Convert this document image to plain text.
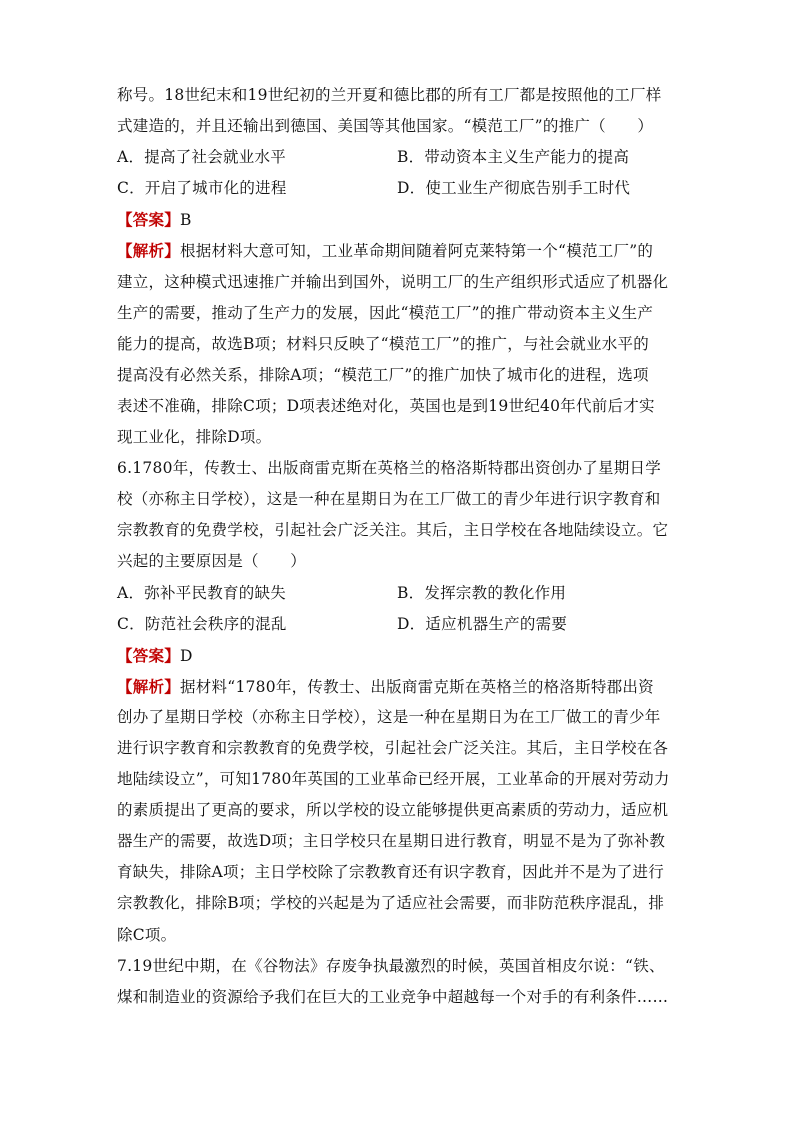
称号。18世纪末和19世纪初的兰开夏和德比郡的所有工厂都是按照他的工厂样
式建造的，并且还输出到德国、美国等其他国家。“模范工厂”的推广（　　）
A．提高了社会就业水平	B．带动资本主义生产能力的提高
C．开启了城市化的进程	D．使工业生产彻底告别手工时代
【答案】B
【解析】根据材料大意可知，工业革命期间随着阿克莱特第一个“模范工厂”的
建立，这种模式迅速推广并输出到国外，说明工厂的生产组织形式适应了机器化
生产的需要，推动了生产力的发展，因此“模范工厂”的推广带动资本主义生产
能力的提高，故选B项；材料只反映了“模范工厂”的推广，与社会就业水平的
提高没有必然关系，排除A项；“模范工厂”的推广加快了城市化的进程，选项
表述不准确，排除C项；D项表述绝对化，英国也是到19世纪40年代前后才实
现工业化，排除D项。
6.1780年，传教士、出版商雷克斯在英格兰的格洛斯特郡出资创办了星期日学
校（亦称主日学校），这是一种在星期日为在工厂做工的青少年进行识字教育和
宗教教育的免费学校，引起社会广泛关注。其后，主日学校在各地陆续设立。它
兴起的主要原因是（　　）
A．弥补平民教育的缺失	B．发挥宗教的教化作用
C．防范社会秩序的混乱	D．适应机器生产的需要
【答案】D
【解析】据材料“1780年，传教士、出版商雷克斯在英格兰的格洛斯特郡出资
创办了星期日学校（亦称主日学校），这是一种在星期日为在工厂做工的青少年
进行识字教育和宗教教育的免费学校，引起社会广泛关注。其后，主日学校在各
地陆续设立”，可知1780年英国的工业革命已经开展，工业革命的开展对劳动力
的素质提出了更高的要求，所以学校的设立能够提供更高素质的劳动力，适应机
器生产的需要，故选D项；主日学校只在星期日进行教育，明显不是为了弥补教
育缺失，排除A项；主日学校除了宗教教育还有识字教育，因此并不是为了进行
宗教教化，排除B项；学校的兴起是为了适应社会需要，而非防范秩序混乱，排
除C项。
7.19世纪中期，在《谷物法》存废争执最激烈的时候，英国首相皮尔说：“铁、
煤和制造业的资源给予我们在巨大的工业竞争中超越每一个对手的有利条件……
